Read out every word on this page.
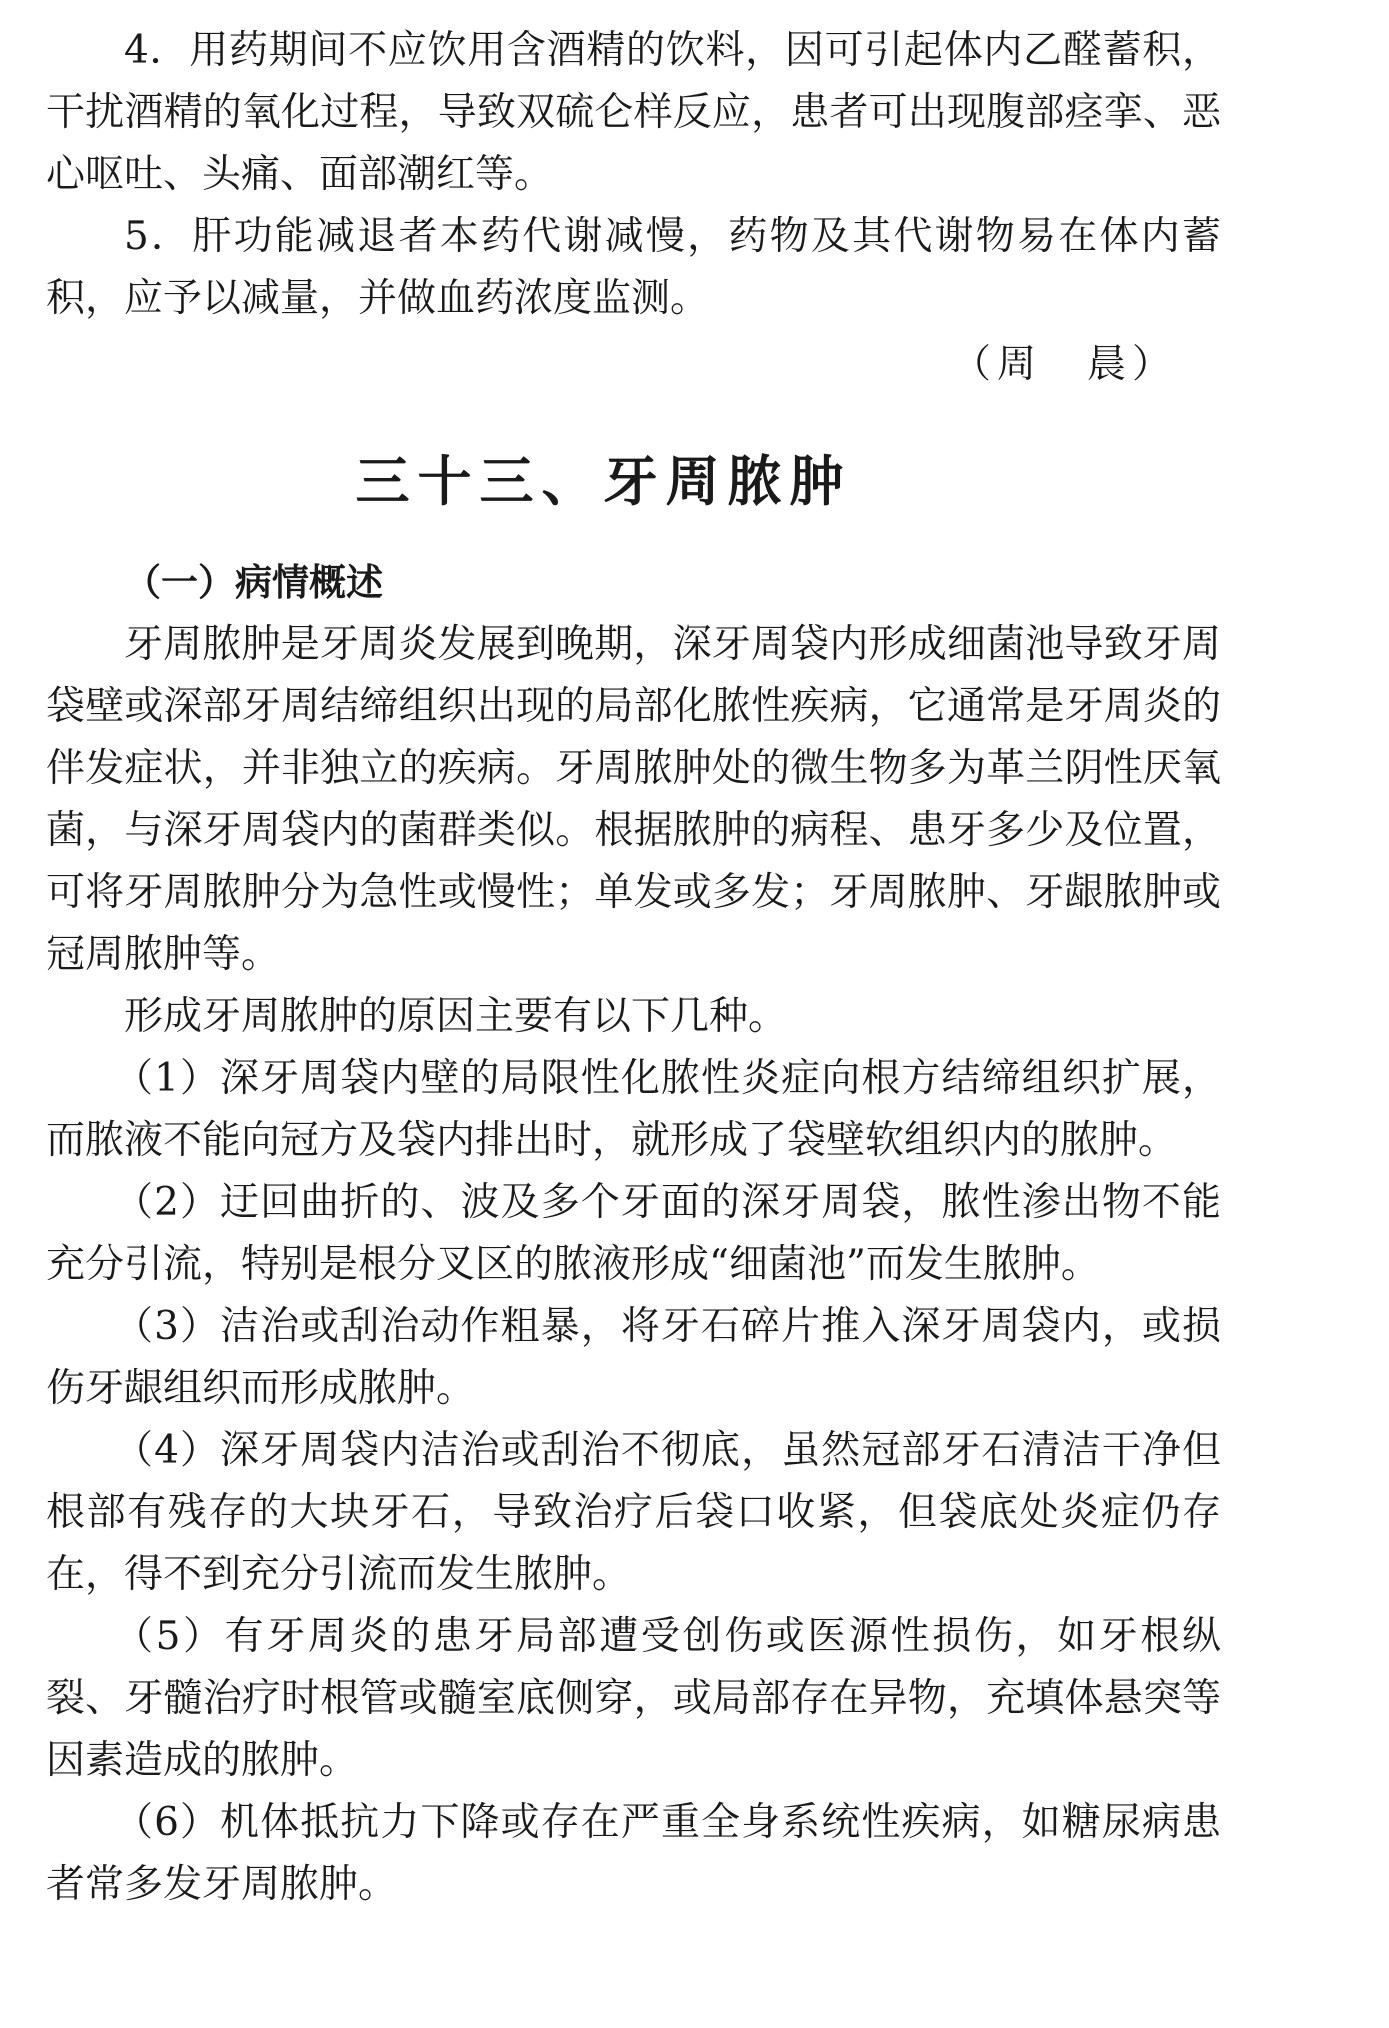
4．用药期间不应饮用含酒精的饮料，因可引起体内乙醛蓄积，干扰酒精的氧化过程，导致双硫仑样反应，患者可出现腹部痉挛、恶心呕吐、头痛、面部潮红等。

5．肝功能减退者本药代谢减慢，药物及其代谢物易在体内蓄积，应予以减量，并做血药浓度监测。

（周　晨）

三十三、牙周脓肿
（一）病情概述

牙周脓肿是牙周炎发展到晚期，深牙周袋内形成细菌池导致牙周袋壁或深部牙周结缔组织出现的局部化脓性疾病，它通常是牙周炎的伴发症状，并非独立的疾病。牙周脓肿处的微生物多为革兰阴性厌氧菌，与深牙周袋内的菌群类似。根据脓肿的病程、患牙多少及位置，可将牙周脓肿分为急性或慢性；单发或多发；牙周脓肿、牙龈脓肿或冠周脓肿等。

形成牙周脓肿的原因主要有以下几种。

（1）深牙周袋内壁的局限性化脓性炎症向根方结缔组织扩展，而脓液不能向冠方及袋内排出时，就形成了袋壁软组织内的脓肿。

（2）迂回曲折的、波及多个牙面的深牙周袋，脓性渗出物不能充分引流，特别是根分叉区的脓液形成“细菌池”而发生脓肿。

（3）洁治或刮治动作粗暴，将牙石碎片推入深牙周袋内，或损伤牙龈组织而形成脓肿。

（4）深牙周袋内洁治或刮治不彻底，虽然冠部牙石清洁干净但根部有残存的大块牙石，导致治疗后袋口收紧，但袋底处炎症仍存在，得不到充分引流而发生脓肿。

（5）有牙周炎的患牙局部遭受创伤或医源性损伤，如牙根纵裂、牙髓治疗时根管或髓室底侧穿，或局部存在异物，充填体悬突等因素造成的脓肿。

（6）机体抵抗力下降或存在严重全身系统性疾病，如糖尿病患者常多发牙周脓肿。
